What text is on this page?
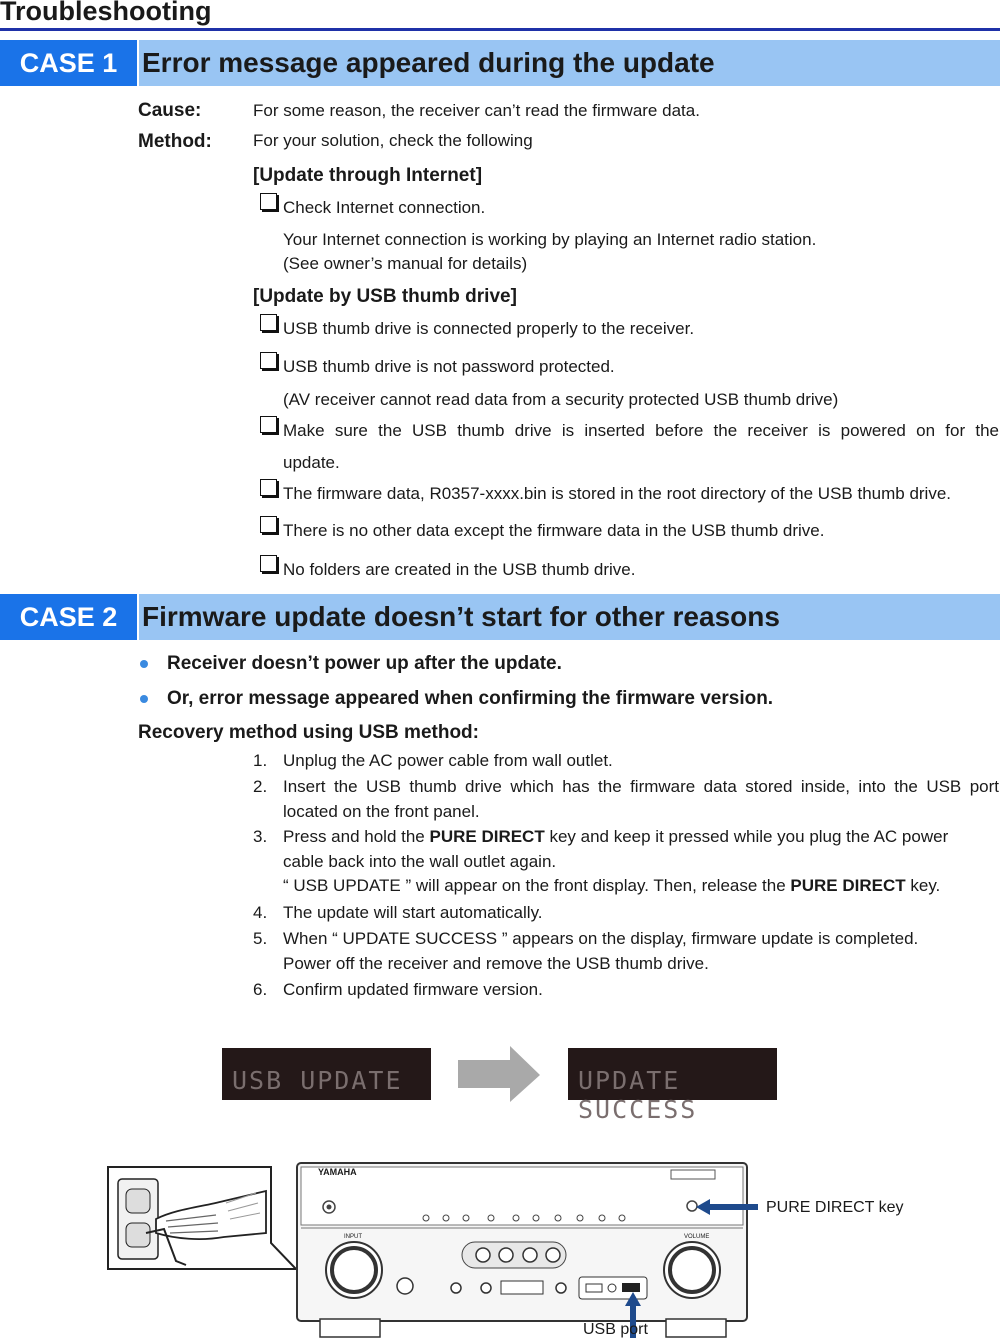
Troubleshooting
CASE 1 Error message appeared during the update
Cause:	For some reason, the receiver can’t read the firmware data.
Method: For your solution, check the following
[Update through Internet]
Check Internet connection.
Your Internet connection is working by playing an Internet radio station.
(See owner’s manual for details)
[Update by USB thumb drive]
USB thumb drive is connected properly to the receiver.
USB thumb drive is not password protected.
(AV receiver cannot read data from a security protected USB thumb drive)
Make sure the USB thumb drive is inserted before the receiver is powered on for the
update.
The firmware data, R0357-xxxx.bin is stored in the root directory of the USB thumb drive.
There is no other data except the firmware data in the USB thumb drive.
No folders are created in the USB thumb drive.
CASE 2 Firmware update doesn’t start for other reasons
Receiver doesn’t power up after the update.
Or, error message appeared when confirming the firmware version.
Recovery method using USB method:
1. Unplug the AC power cable from wall outlet.
2. Insert the USB thumb drive which has the firmware data stored inside, into the USB port
located on the front panel.
3. Press and hold the PURE DIRECT key and keep it pressed while you plug the AC power
cable back into the wall outlet again.
“ USB UPDATE ” will appear on the front display. Then, release the PURE DIRECT key.
4. The update will start automatically.
5. When “ UPDATE SUCCESS ” appears on the display, firmware update is completed.
Power off the receiver and remove the USB thumb drive.
6. Confirm updated firmware version.
USB UPDATE	UPDATE SUCCESS
YAMAHA
INPUT	VOLUME
PURE DIRECT key
USB port
